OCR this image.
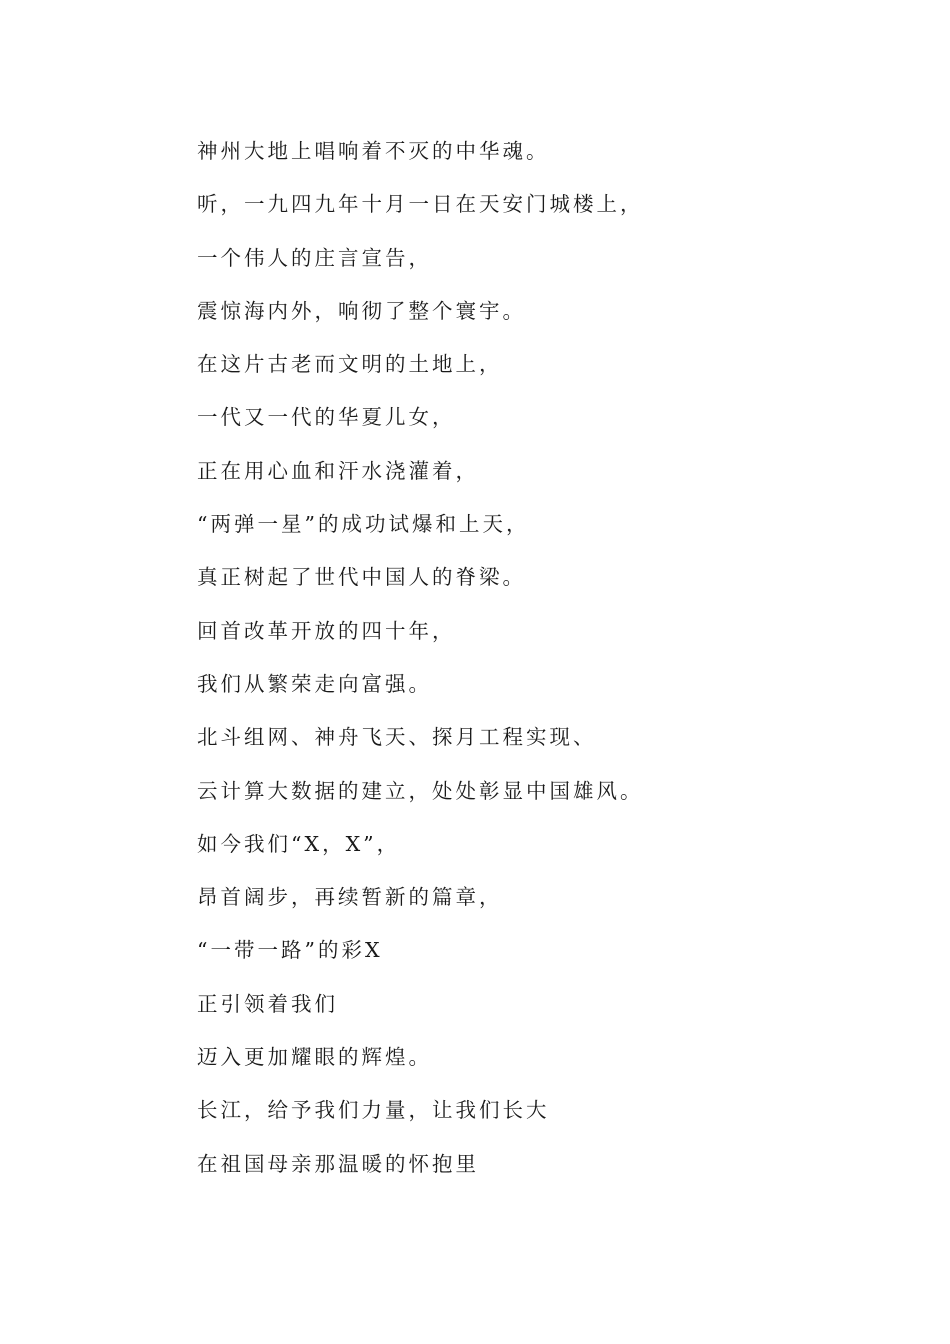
神州大地上唱响着不灭的中华魂。
听，一九四九年十月一日在天安门城楼上，
一个伟人的庄言宣告，
震惊海内外，响彻了整个寰宇。
在这片古老而文明的土地上，
一代又一代的华夏儿女，
正在用心血和汗水浇灌着，
“两弹一星”的成功试爆和上天，
真正树起了世代中国人的脊梁。
回首改革开放的四十年，
我们从繁荣走向富强。
北斗组网、神舟飞天、探月工程实现、
云计算大数据的建立，处处彰显中国雄风。
如今我们“X，X”，
昂首阔步，再续暂新的篇章，
“一带一路”的彩X
正引领着我们
迈入更加耀眼的辉煌。
长江，给予我们力量，让我们长大
在祖国母亲那温暖的怀抱里
